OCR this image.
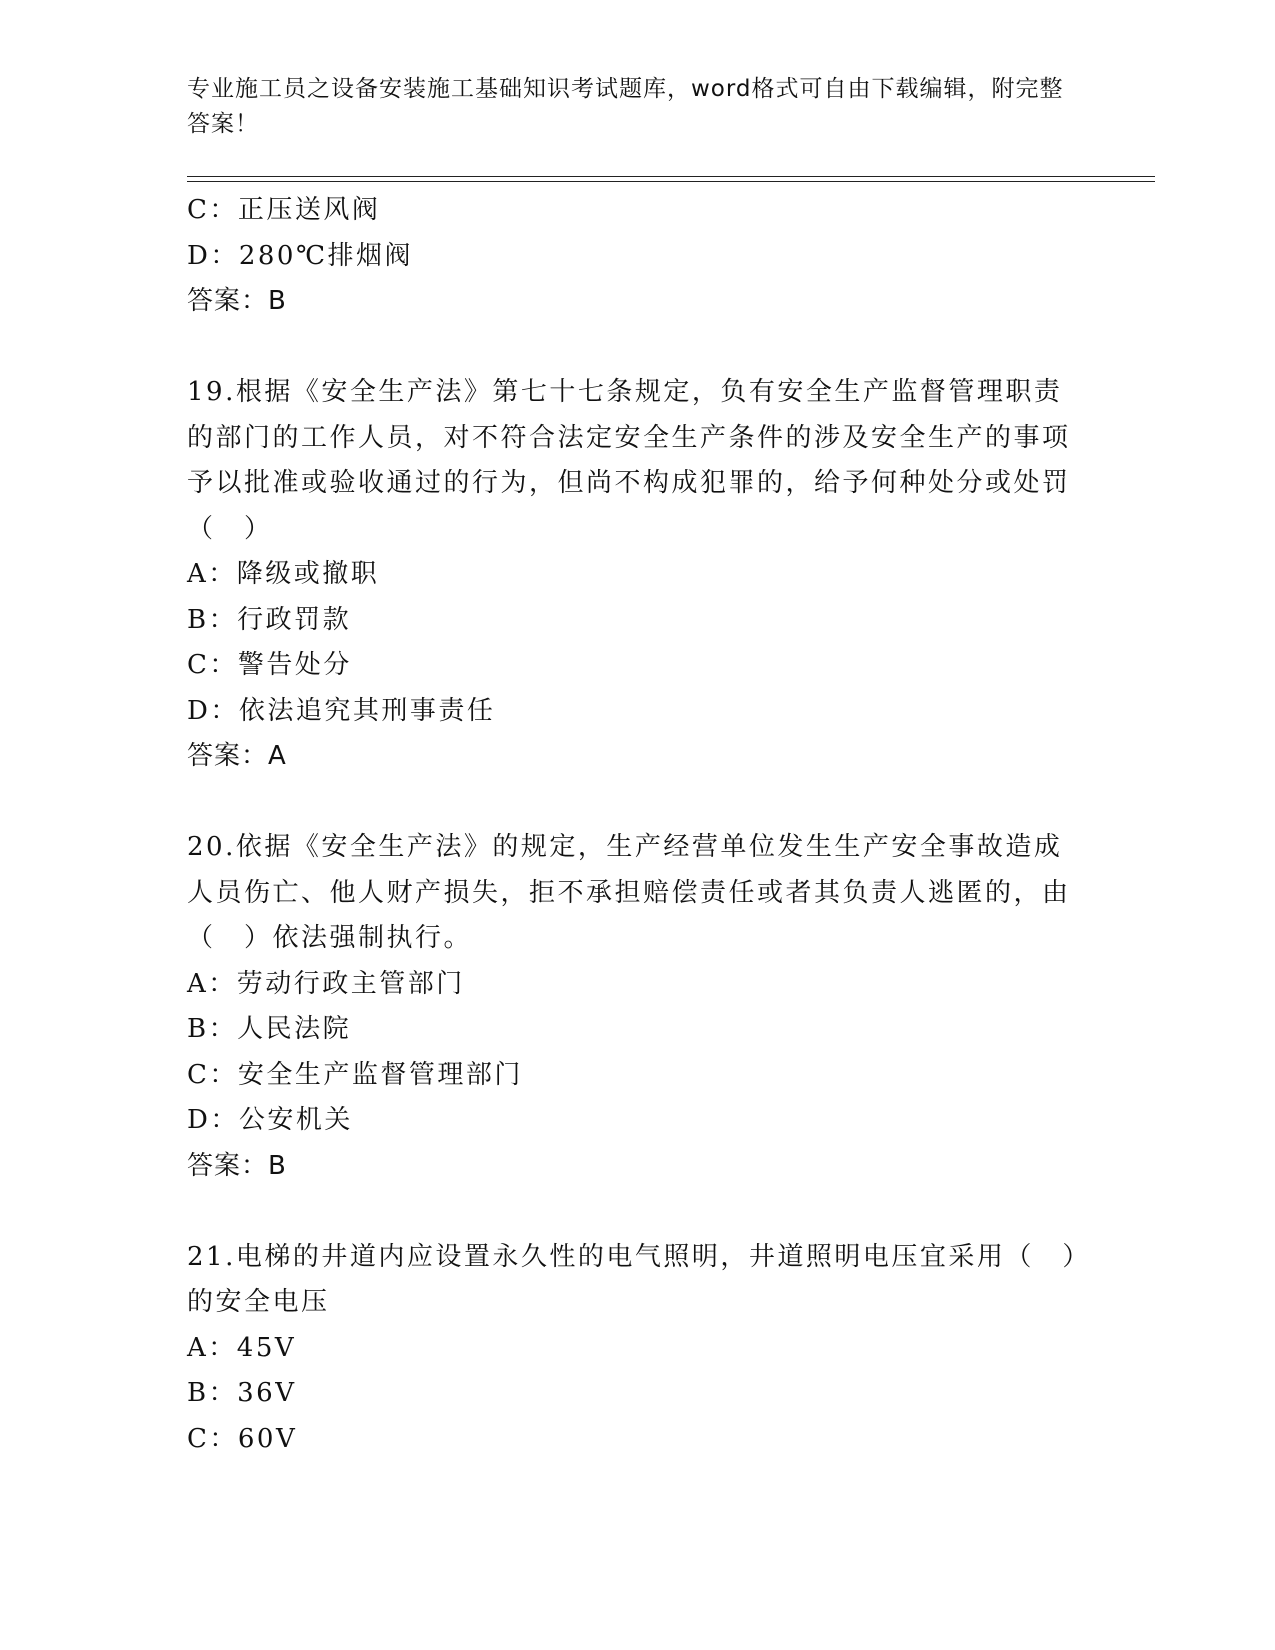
专业施工员之设备安装施工基础知识考试题库，word格式可自由下载编辑，附完整答案！
C：正压送风阀
D：280℃排烟阀
答案：B
19.根据《安全生产法》第七十七条规定，负有安全生产监督管理职责的部门的工作人员，对不符合法定安全生产条件的涉及安全生产的事项予以批准或验收通过的行为，但尚不构成犯罪的，给予何种处分或处罚（　）
A：降级或撤职
B：行政罚款
C：警告处分
D：依法追究其刑事责任
答案：A
20.依据《安全生产法》的规定，生产经营单位发生生产安全事故造成人员伤亡、他人财产损失，拒不承担赔偿责任或者其负责人逃匿的，由（　）依法强制执行。
A：劳动行政主管部门
B：人民法院
C：安全生产监督管理部门
D：公安机关
答案：B
21.电梯的井道内应设置永久性的电气照明，井道照明电压宜采用（　）的安全电压
A：45V
B：36V
C：60V
